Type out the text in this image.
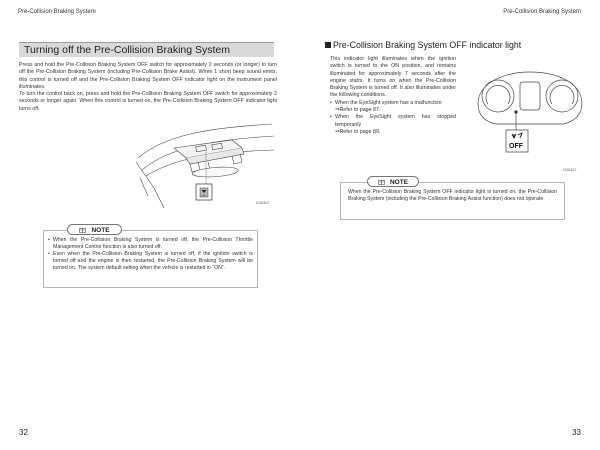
Pre-Collision Braking System
Turning off the Pre-Collision Braking System

Press and hold the Pre-Collision Braking System OFF switch for approximately 2 seconds (or longer) to turn off the Pre-Collision Braking System (including Pre-Collision Brake Assist). When 1 short beep sound emits, this control is turned off and the Pre-Collision Braking System OFF indicator light on the instrument panel illuminates.

To turn the control back on, press and hold the Pre-Collision Braking System OFF switch for approximately 2 seconds or longer again. When this control is turned on, the Pre-Collision Braking System OFF indicator light turns off.

OFF
D3Z407
NOTE
• When the Pre-Collision Braking System is turned off, the Pre-Collision Throttle Management Control function is also turned off.
• Even when the Pre-Collision Braking System is turned off, if the ignition switch is turned off and the engine is then restarted, the Pre-Collision Braking System will be turned on. The system default setting when the vehicle is restarted in “ON”.
32
Pre-Collision Braking System
Pre-Collision Braking System OFF indicator light

This indicator light illuminates when the ignition switch is turned to the ON position, and remains illuminated for approximately 7 seconds after the engine starts. It turns on when the Pre-Collision Braking System is turned off. It also illuminates under the following conditions.

• When the EyeSight system has a malfunction
⇒Refer to page 87.
• When the EyeSight system has stopped temporarily
⇒Refer to page 89.
OFF
D3Z407
NOTE
When the Pre-Collision Braking System OFF indicator light is turned on, the Pre-Collision Braking System (including the Pre-Collision Braking Assist function) does not operate.
33
